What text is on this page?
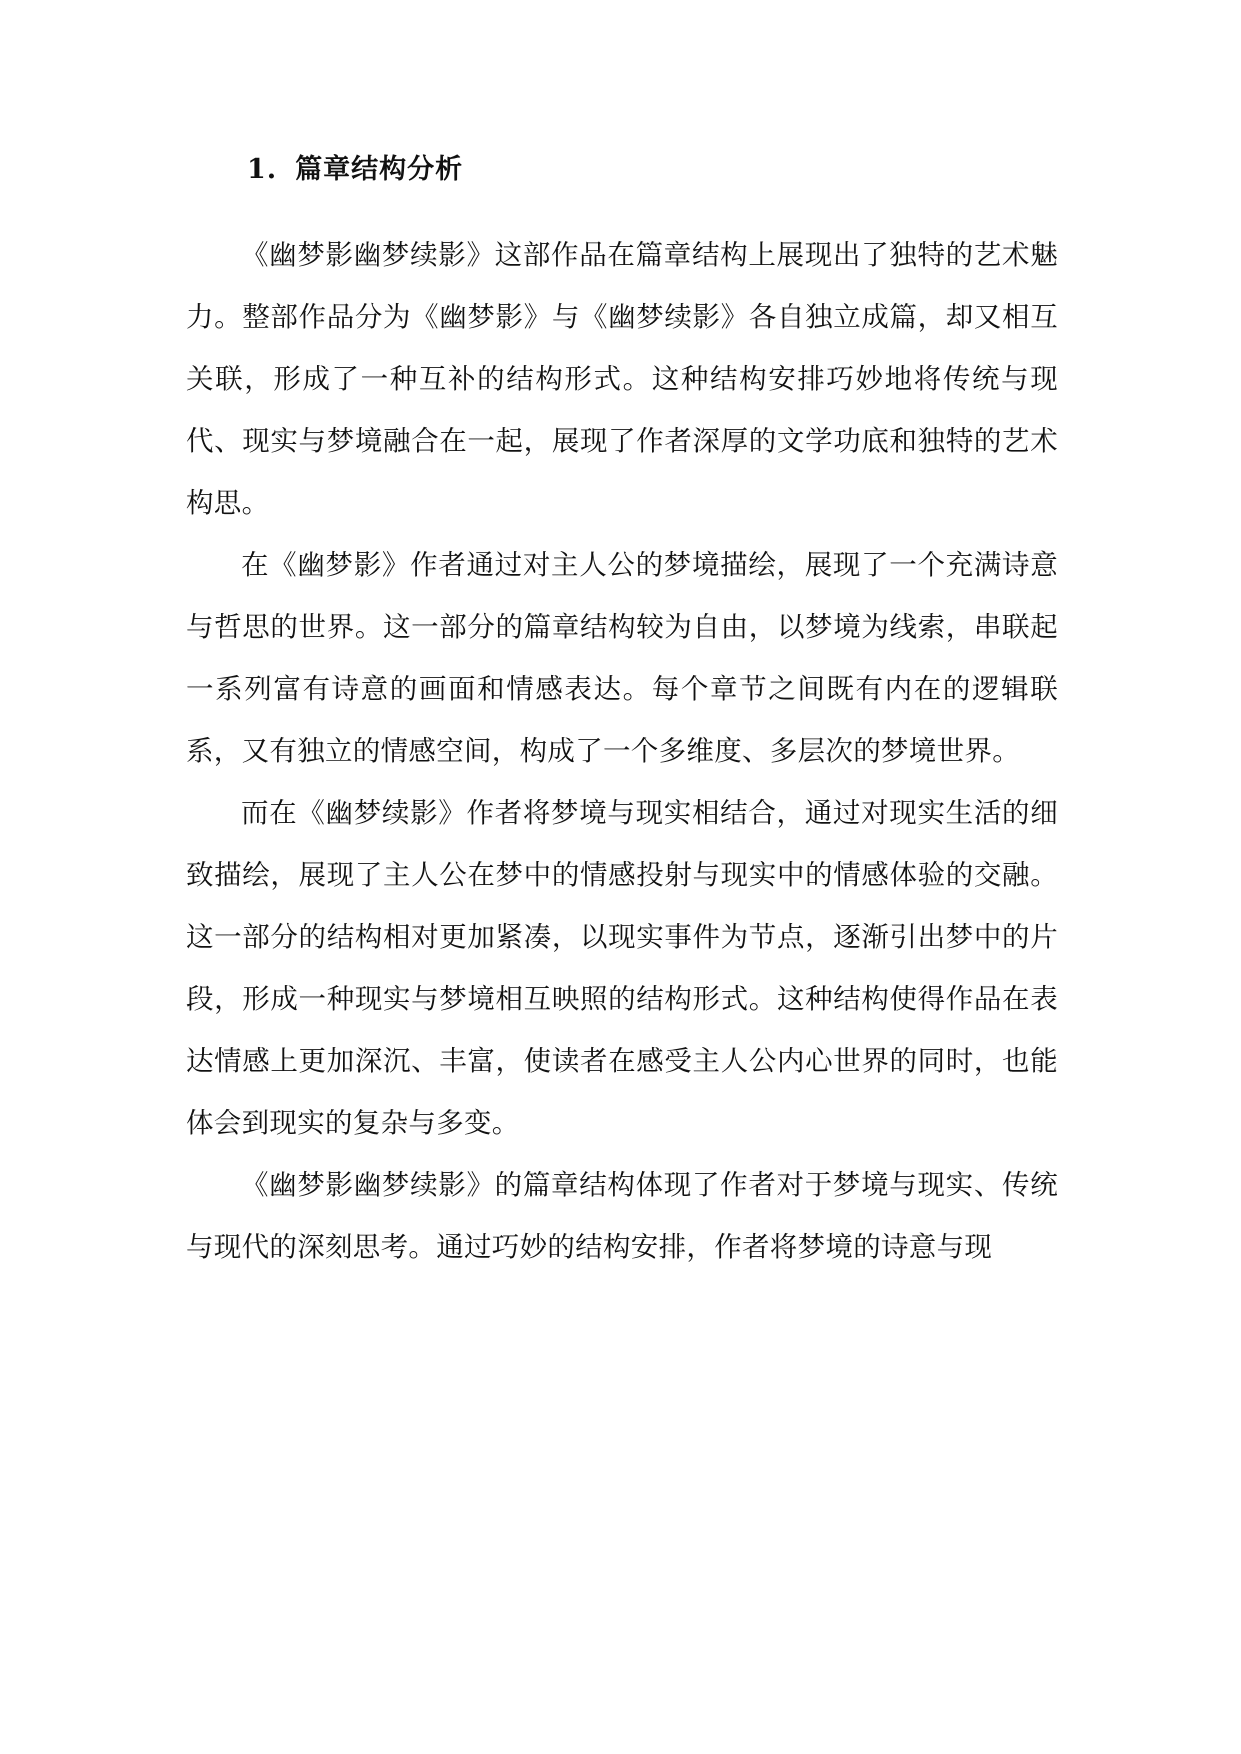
1. 篇章结构分析

《幽梦影幽梦续影》这部作品在篇章结构上展现出了独特的艺术魅力。整部作品分为《幽梦影》与《幽梦续影》各自独立成篇，却又相互关联，形成了一种互补的结构形式。这种结构安排巧妙地将传统与现代、现实与梦境融合在一起，展现了作者深厚的文学功底和独特的艺术构思。

在《幽梦影》作者通过对主人公的梦境描绘，展现了一个充满诗意与哲思的世界。这一部分的篇章结构较为自由，以梦境为线索，串联起一系列富有诗意的画面和情感表达。每个章节之间既有内在的逻辑联系，又有独立的情感空间，构成了一个多维度、多层次的梦境世界。

而在《幽梦续影》作者将梦境与现实相结合，通过对现实生活的细致描绘，展现了主人公在梦中的情感投射与现实中的情感体验的交融。这一部分的结构相对更加紧凑，以现实事件为节点，逐渐引出梦中的片段，形成一种现实与梦境相互映照的结构形式。这种结构使得作品在表达情感上更加深沉、丰富，使读者在感受主人公内心世界的同时，也能体会到现实的复杂与多变。

《幽梦影幽梦续影》的篇章结构体现了作者对于梦境与现实、传统与现代的深刻思考。通过巧妙的结构安排，作者将梦境的诗意与现
